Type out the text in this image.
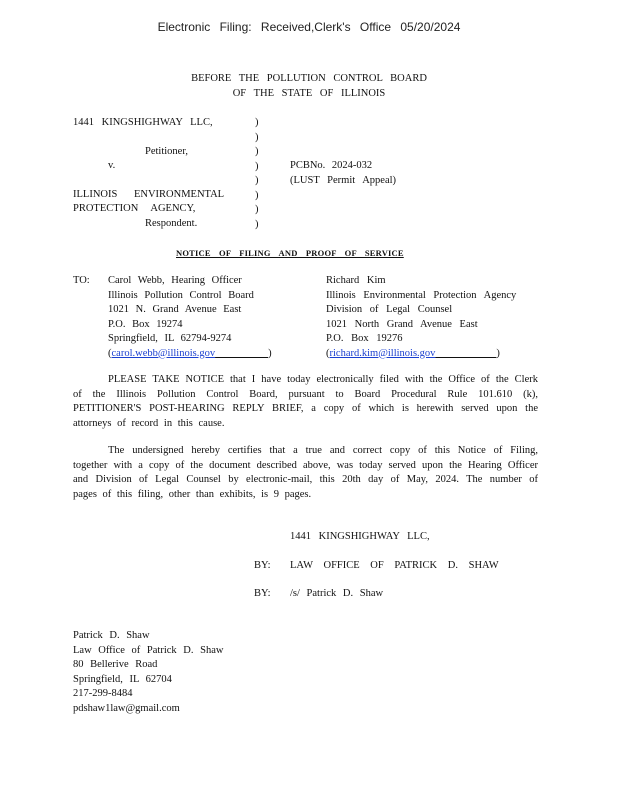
Electronic Filing: Received,Clerk's Office 05/20/2024
BEFORE THE POLLUTION CONTROL BOARD
OF THE STATE OF ILLINOIS
1441 KINGSHIGHWAY LLC,
Petitioner,
v.
ILLINOIS ENVIRONMENTAL
PROTECTION AGENCY,
Respondent.
)
)
)
)
)
)
)
)
PCBNo. 2024-032
(LUST Permit Appeal)
NOTICE OF FILING AND PROOF OF SERVICE
TO: Carol Webb, Hearing Officer
Illinois Pollution Control Board
1021 N. Grand Avenue East
P.O. Box 19274
Springfield, IL 62794-9274
(carol.webb@illinois.gov	)
Richard Kim
Illinois Environmental Protection Agency
Division of Legal Counsel
1021 North Grand Avenue East
P.O. Box 19276
(richard.kim@illinois.gov	)
PLEASE TAKE NOTICE that I have today electronically filed with the Office of the Clerk of the Illinois Pollution Control Board, pursuant to Board Procedural Rule 101.610 (k), PETITIONER'S POST-HEARING REPLY BRIEF, a copy of which is herewith served upon the attorneys of record in this cause.
The undersigned hereby certifies that a true and correct copy of this Notice of Filing, together with a copy of the document described above, was today served upon the Hearing Officer and Division of Legal Counsel by electronic-mail, this 20th day of May, 2024. The number of pages of this filing, other than exhibits, is 9 pages.
1441 KINGSHIGHWAY LLC,
BY: LAW OFFICE OF PATRICK D. SHAW
BY: /s/ Patrick D. Shaw
Patrick D. Shaw
Law Office of Patrick D. Shaw
80 Bellerive Road
Springfield, IL 62704
217-299-8484
pdshaw1law@gmail.com
